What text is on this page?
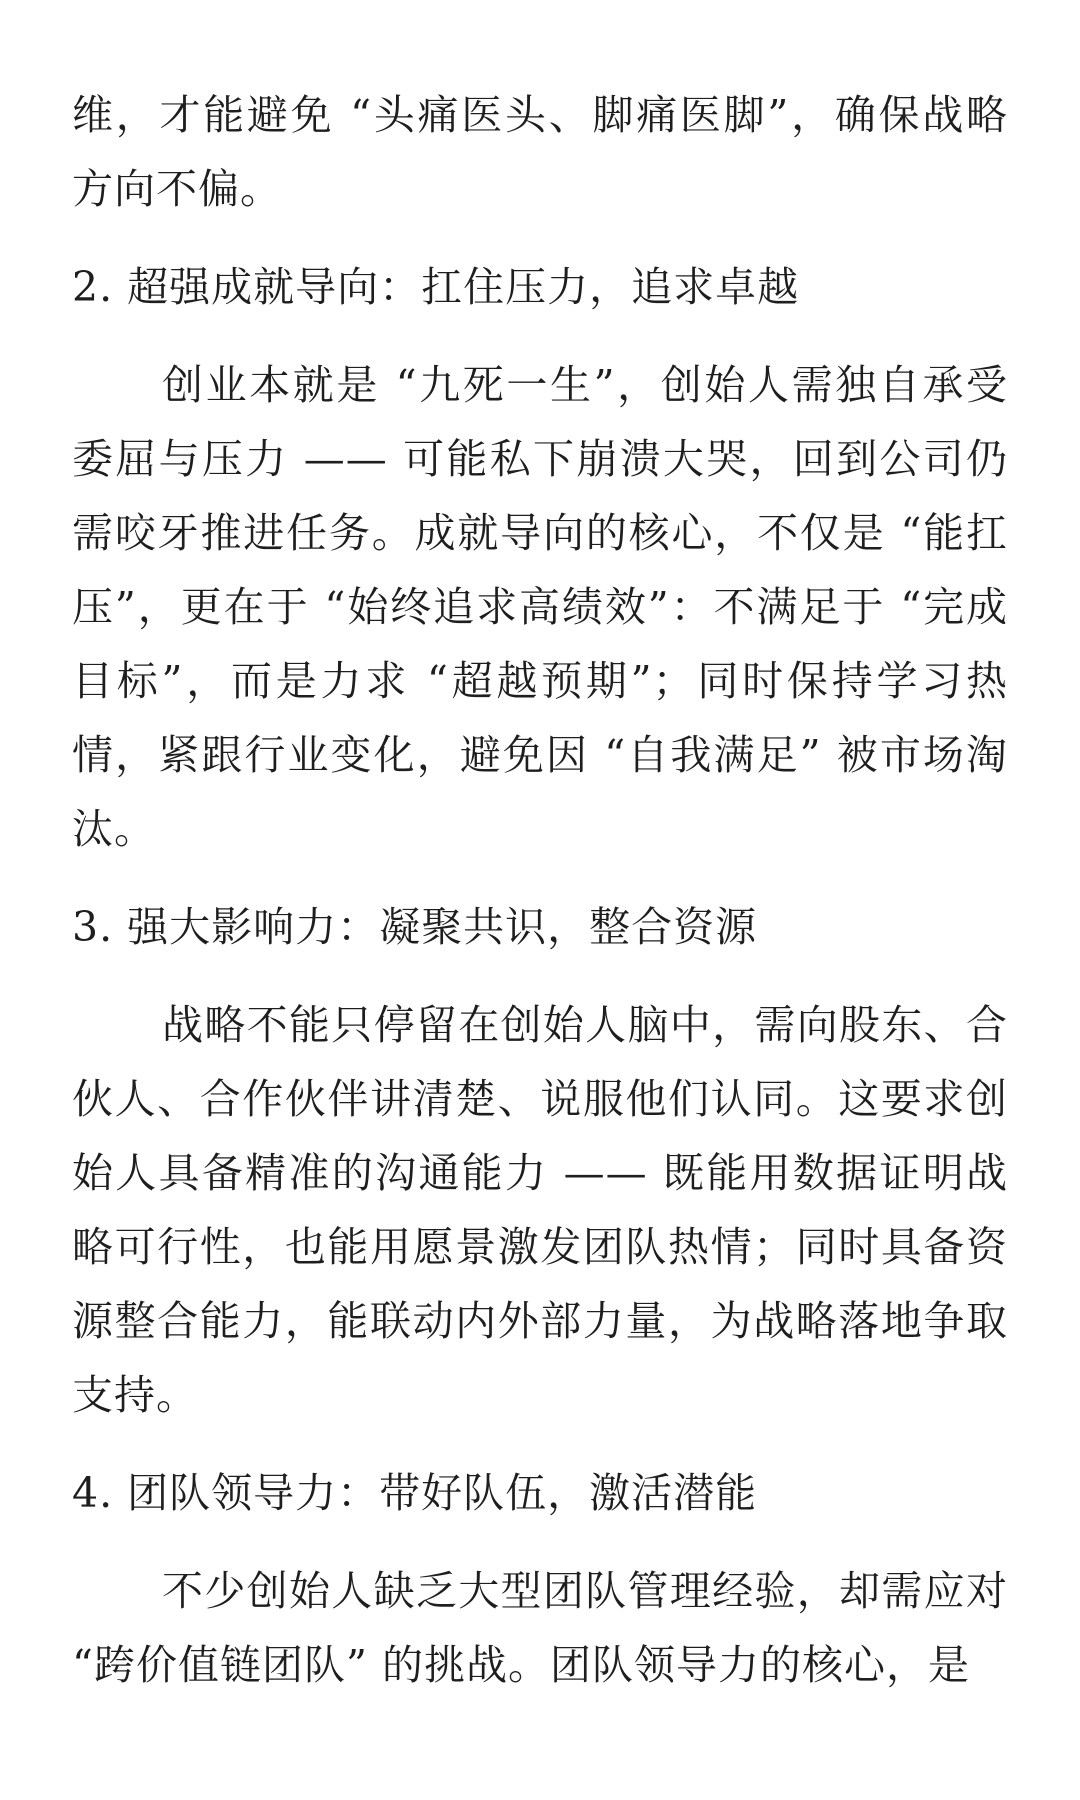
维，才能避免 “头痛医头、脚痛医脚”，确保战略方向不偏。

2. 超强成就导向：扛住压力，追求卓越

创业本就是 “九死一生”，创始人需独自承受委屈与压力 —— 可能私下崩溃大哭，回到公司仍需咬牙推进任务。成就导向的核心，不仅是 “能扛压”，更在于 “始终追求高绩效”：不满足于 “完成目标”，而是力求 “超越预期”；同时保持学习热情，紧跟行业变化，避免因 “自我满足” 被市场淘汰。

3. 强大影响力：凝聚共识，整合资源

战略不能只停留在创始人脑中，需向股东、合伙人、合作伙伴讲清楚、说服他们认同。这要求创始人具备精准的沟通能力 —— 既能用数据证明战略可行性，也能用愿景激发团队热情；同时具备资源整合能力，能联动内外部力量，为战略落地争取支持。

4. 团队领导力：带好队伍，激活潜能

不少创始人缺乏大型团队管理经验，却需应对 “跨价值链团队” 的挑战。团队领导力的核心，是
